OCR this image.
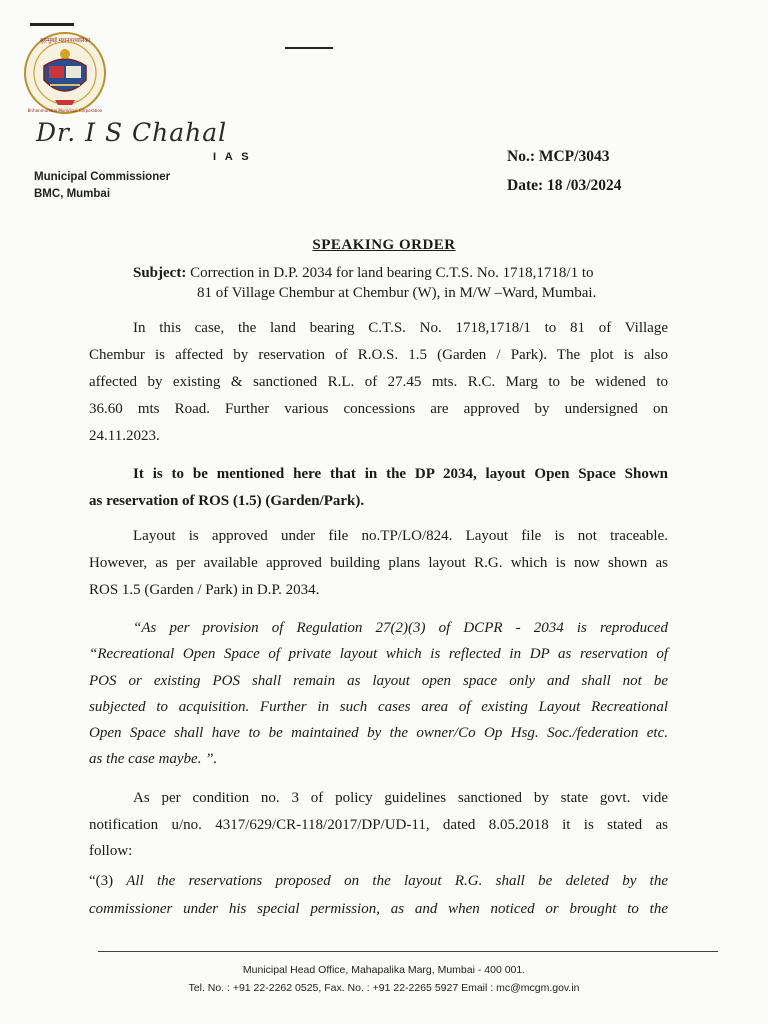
बृहन्मुंबई महानगरपालिका
Brihanmumbai Municipal Corporation
Dr. I S Chahal
I A S
Municipal Commissioner
BMC, Mumbai
No.: MCP/3043
Date: 18 /03/2024
SPEAKING ORDER
Subject: Correction in D.P. 2034 for land bearing C.T.S. No. 1718,1718/1 to
81 of Village Chembur at Chembur (W), in M/W –Ward, Mumbai.
In this case, the land bearing C.T.S. No. 1718,1718/1 to 81 of Village
Chembur is affected by reservation of R.O.S. 1.5 (Garden / Park). The plot is also
affected by existing & sanctioned R.L. of 27.45 mts. R.C. Marg to be widened to
36.60 mts Road. Further various concessions are approved by undersigned on
24.11.2023.
It is to be mentioned here that in the DP 2034, layout Open Space Shown
as reservation of ROS (1.5) (Garden/Park).
Layout is approved under file no.TP/LO/824. Layout file is not traceable.
However, as per available approved building plans layout R.G. which is now shown as
ROS 1.5 (Garden / Park) in D.P. 2034.
“As per provision of Regulation 27(2)(3) of DCPR - 2034 is reproduced
“Recreational Open Space of private layout which is reflected in DP as reservation of
POS or existing POS shall remain as layout open space only and shall not be
subjected to acquisition. Further in such cases area of existing Layout Recreational
Open Space shall have to be maintained by the owner/Co Op Hsg. Soc./federation etc.
as the case maybe. ”.
As per condition no. 3 of policy guidelines sanctioned by state govt. vide
notification u/no. 4317/629/CR-118/2017/DP/UD-11, dated 8.05.2018 it is stated as
follow:
“(3) All the reservations proposed on the layout R.G. shall be deleted by the
commissioner under his special permission, as and when noticed or brought to the
Municipal Head Office, Mahapalika Marg, Mumbai - 400 001.
Tel. No. : +91 22-2262 0525, Fax. No. : +91 22-2265 5927 Email : mc@mcgm.gov.in
